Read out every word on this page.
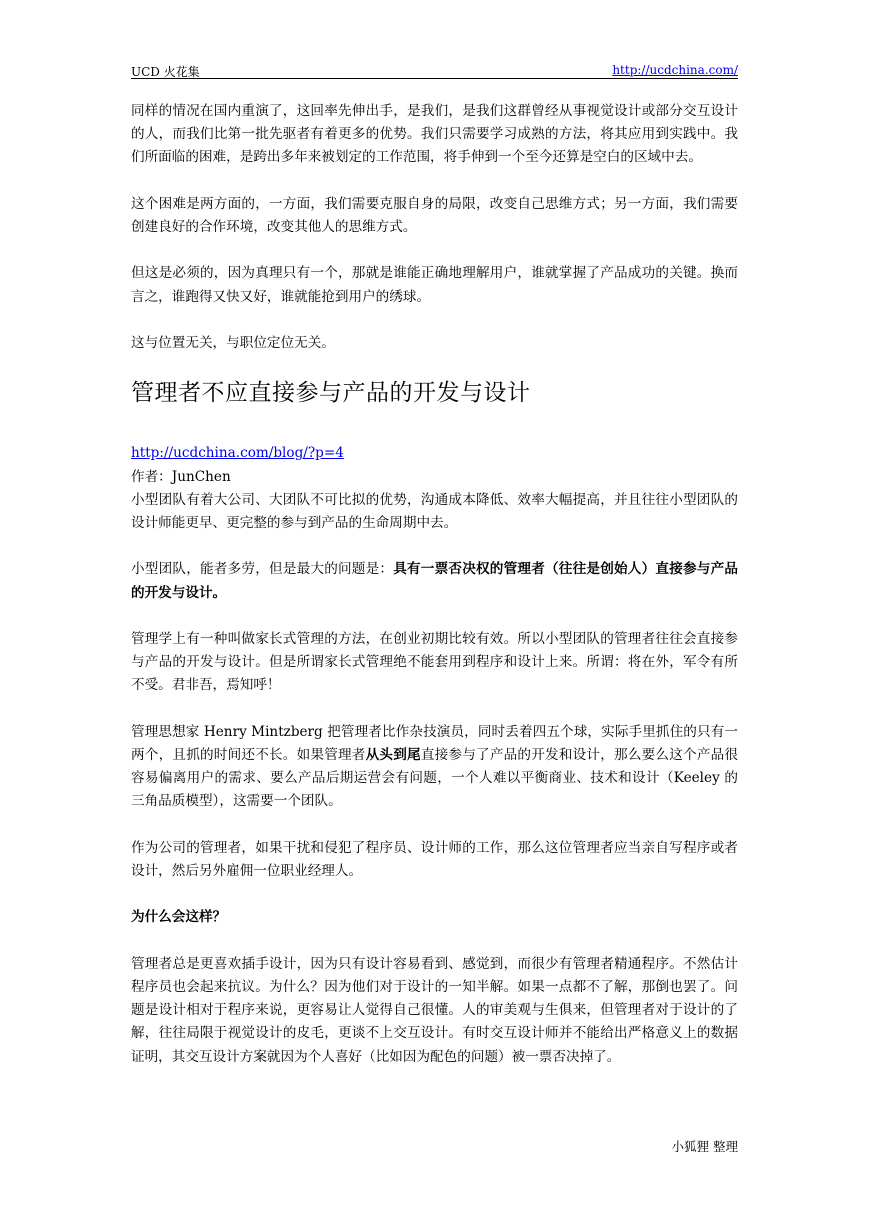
UCD 火花集	http://ucdchina.com/

同样的情况在国内重演了，这回率先伸出手，是我们，是我们这群曾经从事视觉设计或部分交互设计的人，而我们比第一批先驱者有着更多的优势。我们只需要学习成熟的方法，将其应用到实践中。我们所面临的困难，是跨出多年来被划定的工作范围，将手伸到一个至今还算是空白的区域中去。

这个困难是两方面的，一方面，我们需要克服自身的局限，改变自己思维方式；另一方面，我们需要创建良好的合作环境，改变其他人的思维方式。

但这是必须的，因为真理只有一个，那就是谁能正确地理解用户，谁就掌握了产品成功的关键。换而言之，谁跑得又快又好，谁就能抢到用户的绣球。

这与位置无关，与职位定位无关。

管理者不应直接参与产品的开发与设计
http://ucdchina.com/blog/?p=4
作者：JunChen

小型团队有着大公司、大团队不可比拟的优势，沟通成本降低、效率大幅提高，并且往往小型团队的设计师能更早、更完整的参与到产品的生命周期中去。

小型团队，能者多劳，但是最大的问题是：具有一票否决权的管理者（往往是创始人）直接参与产品的开发与设计。

管理学上有一种叫做家长式管理的方法，在创业初期比较有效。所以小型团队的管理者往往会直接参与产品的开发与设计。但是所谓家长式管理绝不能套用到程序和设计上来。所谓：将在外，军令有所不受。君非吾，焉知呼！

管理思想家 Henry Mintzberg 把管理者比作杂技演员，同时丢着四五个球，实际手里抓住的只有一两个，且抓的时间还不长。如果管理者从头到尾直接参与了产品的开发和设计，那么要么这个产品很容易偏离用户的需求、要么产品后期运营会有问题，一个人难以平衡商业、技术和设计（Keeley 的三角品质模型），这需要一个团队。

作为公司的管理者，如果干扰和侵犯了程序员、设计师的工作，那么这位管理者应当亲自写程序或者设计，然后另外雇佣一位职业经理人。

为什么会这样？

管理者总是更喜欢插手设计，因为只有设计容易看到、感觉到，而很少有管理者精通程序。不然估计程序员也会起来抗议。为什么？因为他们对于设计的一知半解。如果一点都不了解，那倒也罢了。问题是设计相对于程序来说，更容易让人觉得自己很懂。人的审美观与生俱来，但管理者对于设计的了解，往往局限于视觉设计的皮毛，更谈不上交互设计。有时交互设计师并不能给出严格意义上的数据证明，其交互设计方案就因为个人喜好（比如因为配色的问题）被一票否决掉了。

小狐狸 整理
